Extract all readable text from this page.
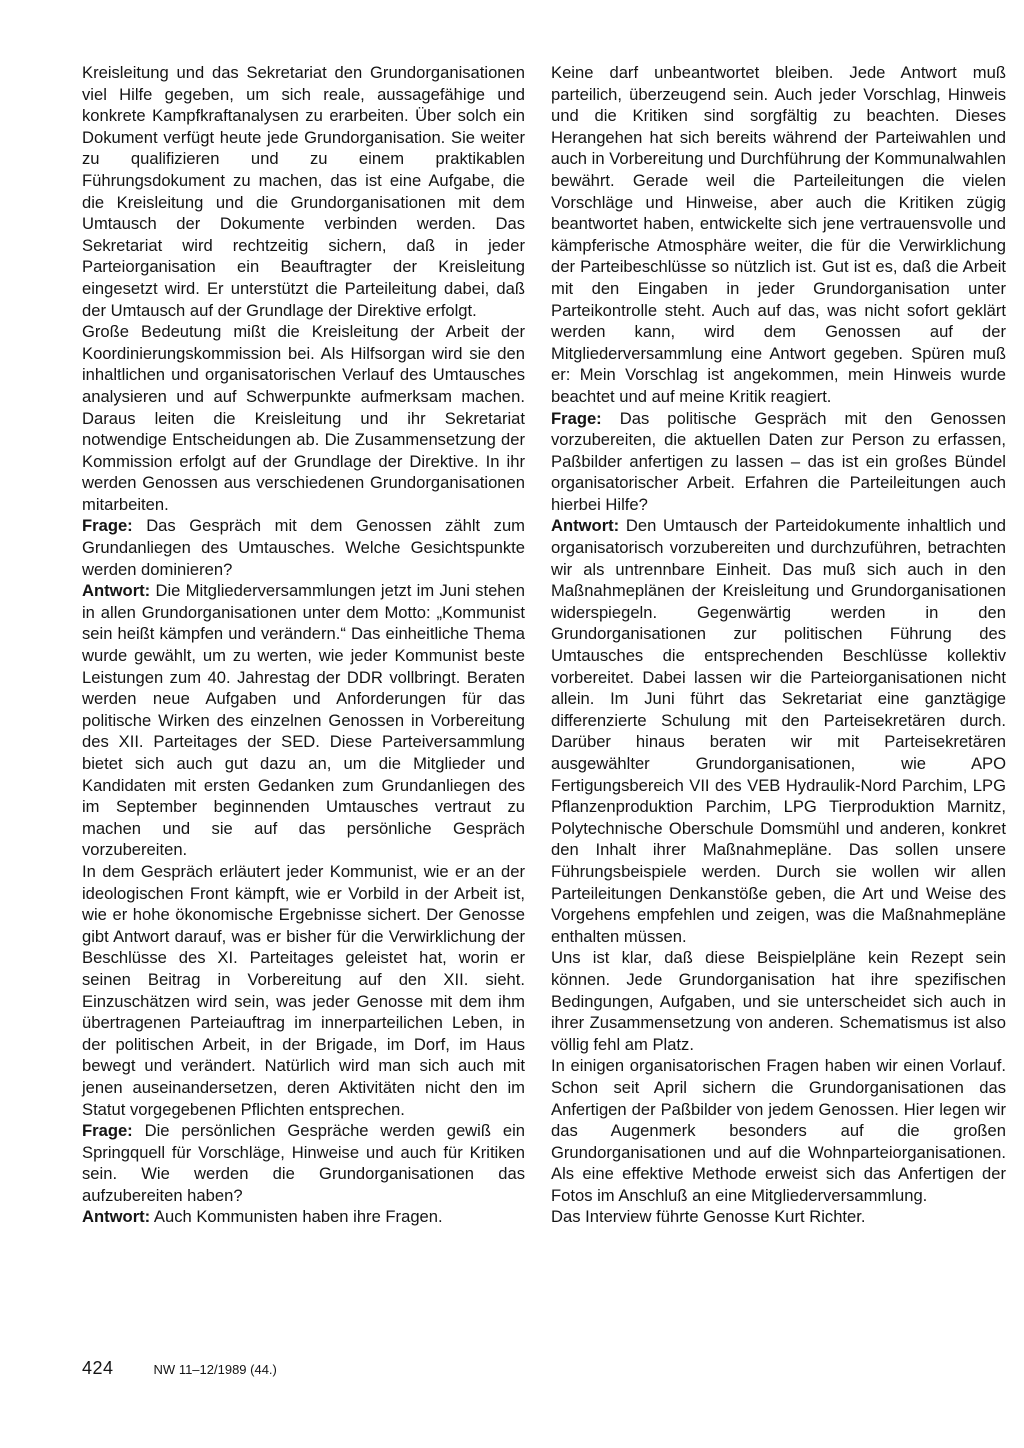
Kreisleitung und das Sekretariat den Grundorganisationen viel Hilfe gegeben, um sich reale, aussagefähige und konkrete Kampfkraftanalysen zu erarbeiten. Über solch ein Dokument verfügt heute jede Grundorganisation. Sie weiter zu qualifizieren und zu einem praktikablen Führungsdokument zu machen, das ist eine Aufgabe, die die Kreisleitung und die Grundorganisationen mit dem Umtausch der Dokumente verbinden werden. Das Sekretariat wird rechtzeitig sichern, daß in jeder Parteiorganisation ein Beauftragter der Kreisleitung eingesetzt wird. Er unterstützt die Parteileitung dabei, daß der Umtausch auf der Grundlage der Direktive erfolgt.

Große Bedeutung mißt die Kreisleitung der Arbeit der Koordinierungskommission bei. Als Hilfsorgan wird sie den inhaltlichen und organisatorischen Verlauf des Umtausches analysieren und auf Schwerpunkte aufmerksam machen. Daraus leiten die Kreisleitung und ihr Sekretariat notwendige Entscheidungen ab. Die Zusammensetzung der Kommission erfolgt auf der Grundlage der Direktive. In ihr werden Genossen aus verschiedenen Grundorganisationen mitarbeiten.

Frage: Das Gespräch mit dem Genossen zählt zum Grundanliegen des Umtausches. Welche Gesichtspunkte werden dominieren?

Antwort: Die Mitgliederversammlungen jetzt im Juni stehen in allen Grundorganisationen unter dem Motto: „Kommunist sein heißt kämpfen und verändern.“ Das einheitliche Thema wurde gewählt, um zu werten, wie jeder Kommunist beste Leistungen zum 40. Jahrestag der DDR vollbringt. Beraten werden neue Aufgaben und Anforderungen für das politische Wirken des einzelnen Genossen in Vorbereitung des XII. Parteitages der SED. Diese Parteiversammlung bietet sich auch gut dazu an, um die Mitglieder und Kandidaten mit ersten Gedanken zum Grundanliegen des im September beginnenden Umtausches vertraut zu machen und sie auf das persönliche Gespräch vorzubereiten.

In dem Gespräch erläutert jeder Kommunist, wie er an der ideologischen Front kämpft, wie er Vorbild in der Arbeit ist, wie er hohe ökonomische Ergebnisse sichert. Der Genosse gibt Antwort darauf, was er bisher für die Verwirklichung der Beschlüsse des XI. Parteitages geleistet hat, worin er seinen Beitrag in Vorbereitung auf den XII. sieht. Einzuschätzen wird sein, was jeder Genosse mit dem ihm übertragenen Parteiauftrag im innerparteilichen Leben, in der politischen Arbeit, in der Brigade, im Dorf, im Haus bewegt und verändert. Natürlich wird man sich auch mit jenen auseinandersetzen, deren Aktivitäten nicht den im Statut vorgegebenen Pflichten entsprechen.

Frage: Die persönlichen Gespräche werden gewiß ein Springquell für Vorschläge, Hinweise und auch für Kritiken sein. Wie werden die Grundorganisationen das aufzubereiten haben?

Antwort: Auch Kommunisten haben ihre Fragen.

Keine darf unbeantwortet bleiben. Jede Antwort muß parteilich, überzeugend sein. Auch jeder Vorschlag, Hinweis und die Kritiken sind sorgfältig zu beachten. Dieses Herangehen hat sich bereits während der Parteiwahlen und auch in Vorbereitung und Durchführung der Kommunalwahlen bewährt. Gerade weil die Parteileitungen die vielen Vorschläge und Hinweise, aber auch die Kritiken zügig beantwortet haben, entwickelte sich jene vertrauensvolle und kämpferische Atmosphäre weiter, die für die Verwirklichung der Parteibeschlüsse so nützlich ist. Gut ist es, daß die Arbeit mit den Eingaben in jeder Grundorganisation unter Parteikontrolle steht. Auch auf das, was nicht sofort geklärt werden kann, wird dem Genossen auf der Mitgliederversammlung eine Antwort gegeben. Spüren muß er: Mein Vorschlag ist angekommen, mein Hinweis wurde beachtet und auf meine Kritik reagiert.

Frage: Das politische Gespräch mit den Genossen vorzubereiten, die aktuellen Daten zur Person zu erfassen, Paßbilder anfertigen zu lassen – das ist ein großes Bündel organisatorischer Arbeit. Erfahren die Parteileitungen auch hierbei Hilfe?

Antwort: Den Umtausch der Parteidokumente inhaltlich und organisatorisch vorzubereiten und durchzuführen, betrachten wir als untrennbare Einheit. Das muß sich auch in den Maßnahmeplänen der Kreisleitung und Grundorganisationen widerspiegeln. Gegenwärtig werden in den Grundorganisationen zur politischen Führung des Umtausches die entsprechenden Beschlüsse kollektiv vorbereitet. Dabei lassen wir die Parteiorganisationen nicht allein. Im Juni führt das Sekretariat eine ganztägige differenzierte Schulung mit den Parteisekretären durch. Darüber hinaus beraten wir mit Parteisekretären ausgewählter Grundorganisationen, wie APO Fertigungsbereich VII des VEB Hydraulik-Nord Parchim, LPG Pflanzenproduktion Parchim, LPG Tierproduktion Marnitz, Polytechnische Oberschule Domsmühl und anderen, konkret den Inhalt ihrer Maßnahmepläne. Das sollen unsere Führungsbeispiele werden. Durch sie wollen wir allen Parteileitungen Denkanstöße geben, die Art und Weise des Vorgehens empfehlen und zeigen, was die Maßnahmepläne enthalten müssen.

Uns ist klar, daß diese Beispielpläne kein Rezept sein können. Jede Grundorganisation hat ihre spezifischen Bedingungen, Aufgaben, und sie unterscheidet sich auch in ihrer Zusammensetzung von anderen. Schematismus ist also völlig fehl am Platz.

In einigen organisatorischen Fragen haben wir einen Vorlauf. Schon seit April sichern die Grundorganisationen das Anfertigen der Paßbilder von jedem Genossen. Hier legen wir das Augenmerk besonders auf die großen Grundorganisationen und auf die Wohnparteiorganisationen. Als eine effektive Methode erweist sich das Anfertigen der Fotos im Anschluß an eine Mitgliederversammlung.

Das Interview führte Genosse Kurt Richter.

424	NW 11–12/1989 (44.)
